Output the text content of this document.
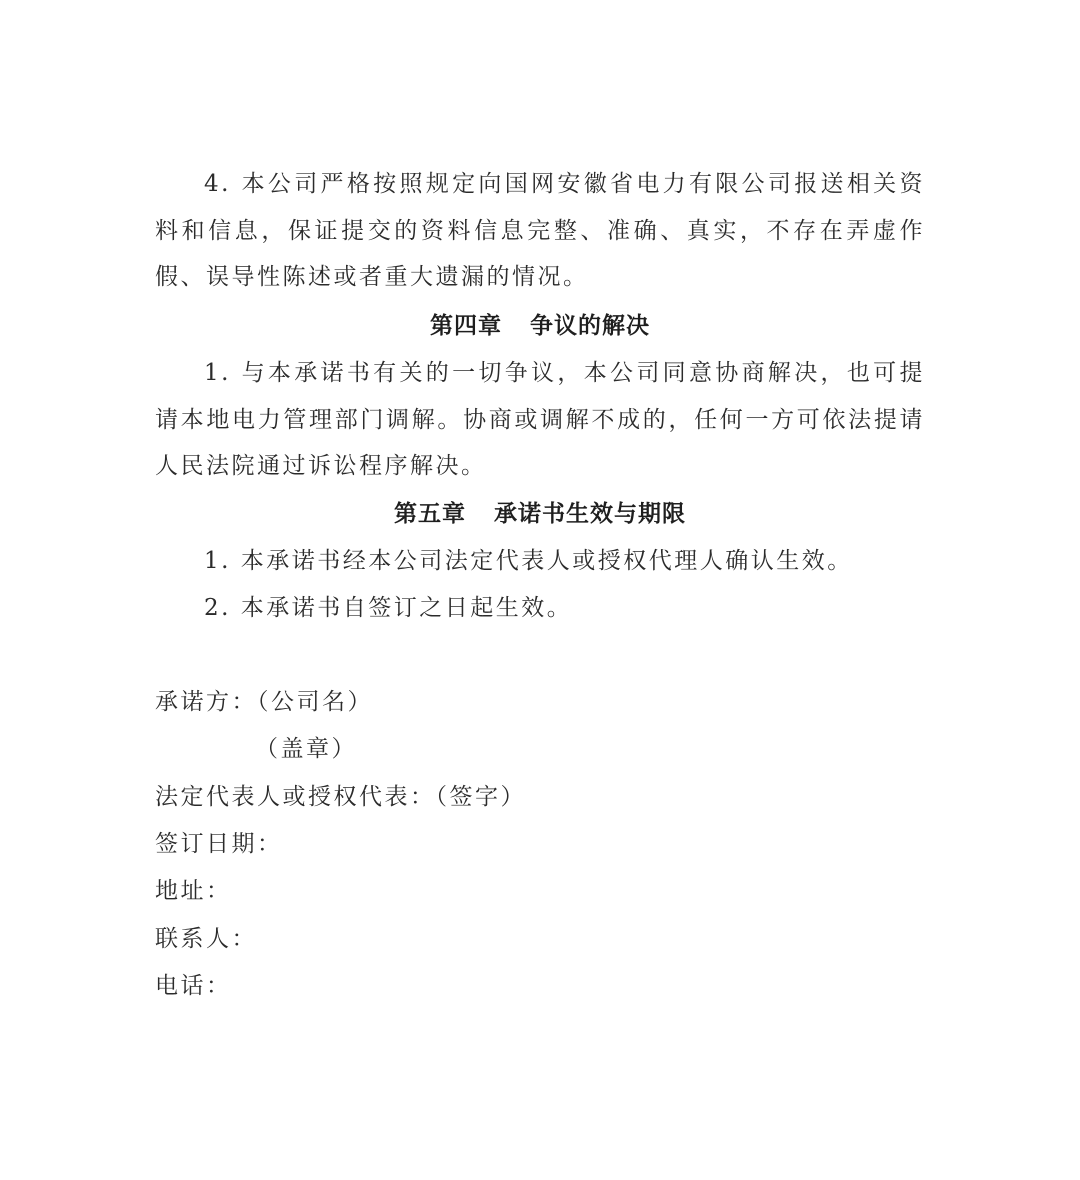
4. 本公司严格按照规定向国网安徽省电力有限公司报送相关资料和信息，保证提交的资料信息完整、准确、真实，不存在弄虚作假、误导性陈述或者重大遗漏的情况。

第四章 争议的解决

1. 与本承诺书有关的一切争议，本公司同意协商解决，也可提请本地电力管理部门调解。协商或调解不成的，任何一方可依法提请人民法院通过诉讼程序解决。

第五章 承诺书生效与期限

1. 本承诺书经本公司法定代表人或授权代理人确认生效。

2. 本承诺书自签订之日起生效。

承诺方：（公司名）

（盖章）

法定代表人或授权代表：（签字）

签订日期：

地址：

联系人：

电话：
